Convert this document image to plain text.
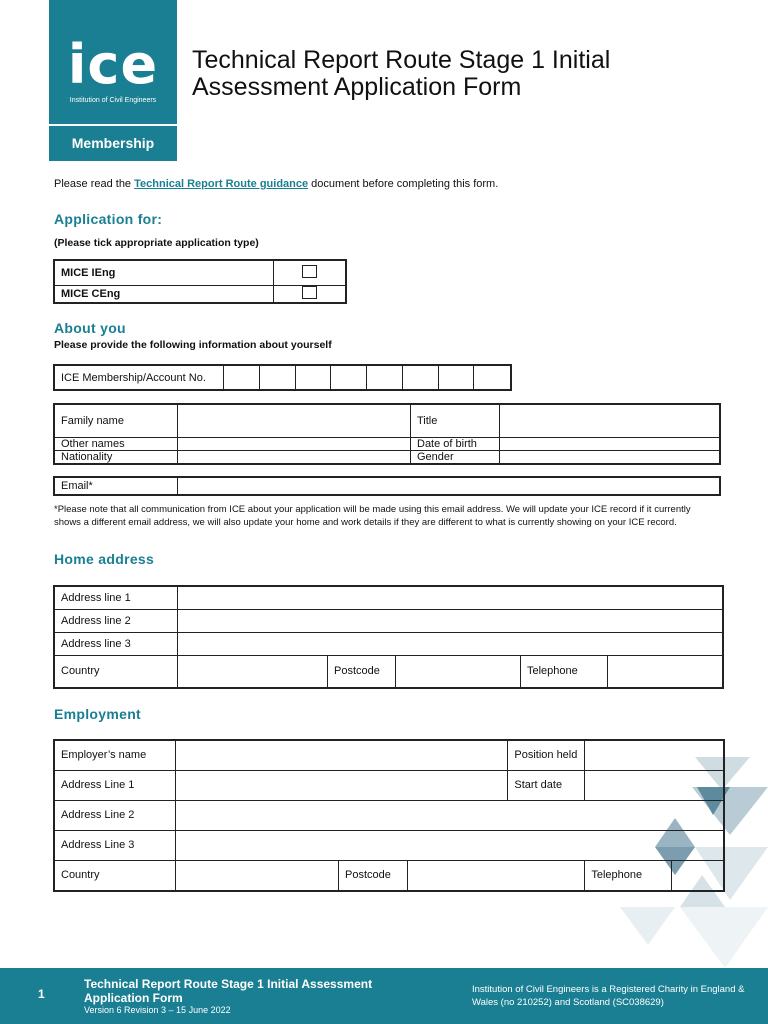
ice
Institution of Civil Engineers
Membership
Technical Report Route Stage 1 Initial Assessment Application Form
Please read the Technical Report Route guidance document before completing this form.
Application for:
(Please tick appropriate application type)
MICE IEng	
MICE CEng	
About you
Please provide the following information about yourself
ICE Membership/Account No.								
Family name		Title	
Other names		Date of birth	
Nationality		Gender	
Email*	
*Please note that all communication from ICE about your application will be made using this email address. We will update your ICE record if it currently shows a different email address, we will also update your home and work details if they are different to what is currently showing on your ICE record.
Home address
Address line 1					
Address line 2					
Address line 3					
Country		Postcode		Telephone	
Employment
Employer’s name				Position held		
Address Line 1				Start date		
Address Line 2						
Address Line 3						
Country		Postcode			Telephone	
1
Technical Report Route Stage 1 Initial Assessment Application Form
Version 6 Revision 3 – 15 June 2022
Institution of Civil Engineers is a Registered Charity in England & Wales (no 210252) and Scotland (SC038629)
